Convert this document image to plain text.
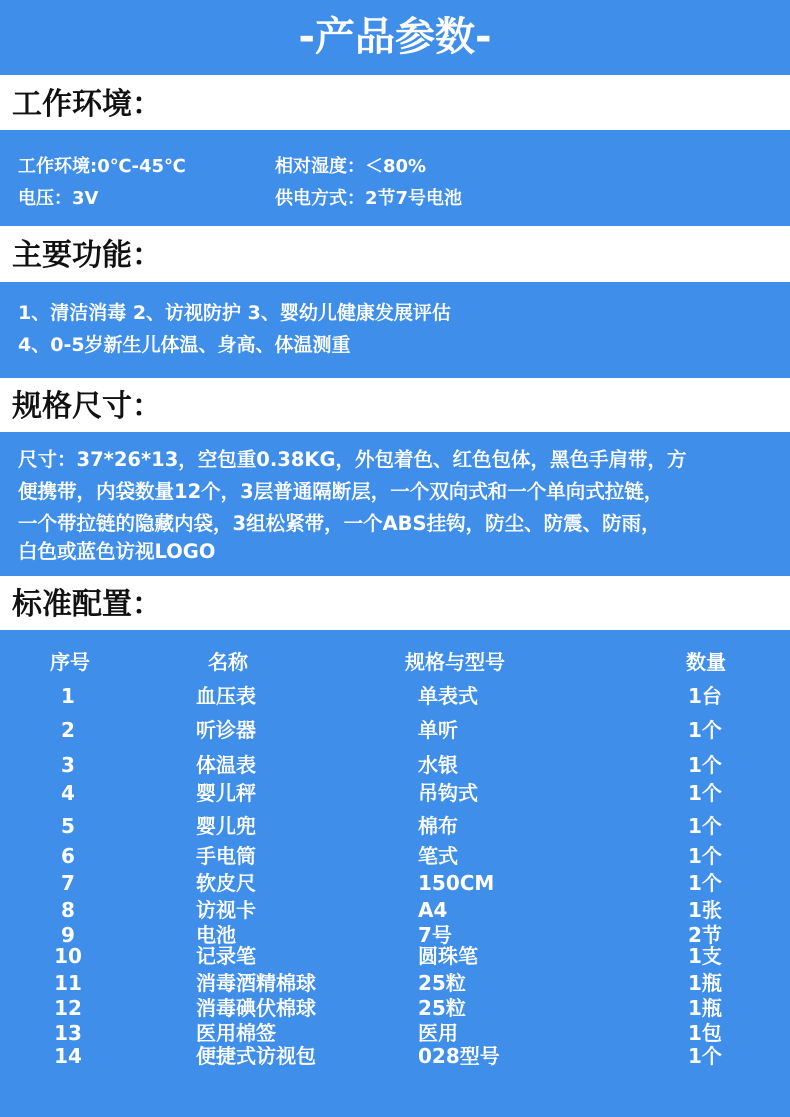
-产品参数-
工作环境：
工作环境:0℃-45℃	相对湿度：＜80%
电压：3V	供电方式：2节7号电池
主要功能：
1、清洁消毒 2、访视防护 3、婴幼儿健康发展评估
4、0-5岁新生儿体温、身高、体温测重
规格尺寸：
尺寸：37*26*13，空包重0.38KG，外包着色、红色包体，黑色手肩带，方
便携带，内袋数量12个，3层普通隔断层，一个双向式和一个单向式拉链，
一个带拉链的隐藏内袋，3组松紧带，一个ABS挂钩，防尘、防震、防雨，
白色或蓝色访视LOGO
标准配置：
序号	名称	规格与型号	数量
1	血压表	单表式	1台
2	听诊器	单听	1个
3	体温表	水银	1个
4	婴儿秤	吊钩式	1个
5	婴儿兜	棉布	1个
6	手电筒	笔式	1个
7	软皮尺	150CM	1个
8	访视卡	A4	1张
9	电池	7号	2节
10	记录笔	圆珠笔	1支
11	消毒酒精棉球	25粒	1瓶
12	消毒碘伏棉球	25粒	1瓶
13	医用棉签	医用	1包
14	便捷式访视包	028型号	1个
